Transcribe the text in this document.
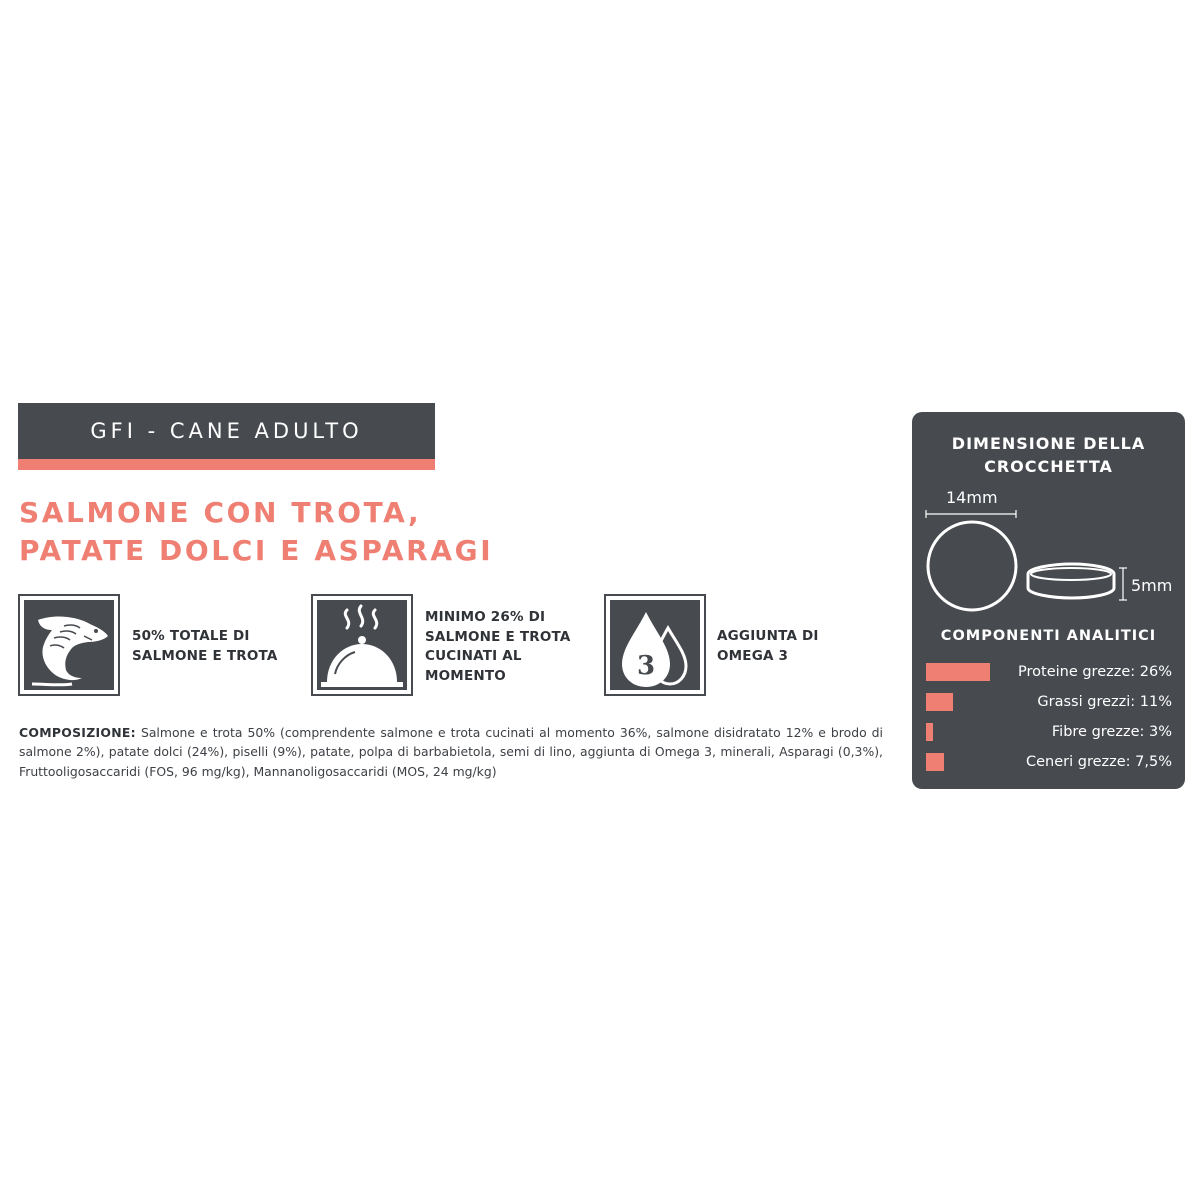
GFI - CANE ADULTO
SALMONE CON TROTA,
PATATE DOLCI E ASPARAGI
50% TOTALE DI
SALMONE E TROTA
MINIMO 26% DI
SALMONE E TROTA
CUCINATI AL
MOMENTO	3
AGGIUNTA DI
OMEGA 3
COMPOSIZIONE: Salmone e trota 50% (comprendente salmone e trota cucinati al momento 36%, salmone disidratato 12% e brodo di salmone 2%), patate dolci (24%), piselli (9%), patate, polpa di barbabietola, semi di lino, aggiunta di Omega 3, minerali, Asparagi (0,3%), Fruttooligosaccaridi (FOS, 96 mg/kg), Mannanoligosaccaridi (MOS, 24 mg/kg)
DIMENSIONE DELLA
CROCCHETTA
14mm
5mm
COMPONENTI ANALITICI
Proteine grezze: 26%
Grassi grezzi: 11%
Fibre grezze: 3%
Ceneri grezze: 7,5%
